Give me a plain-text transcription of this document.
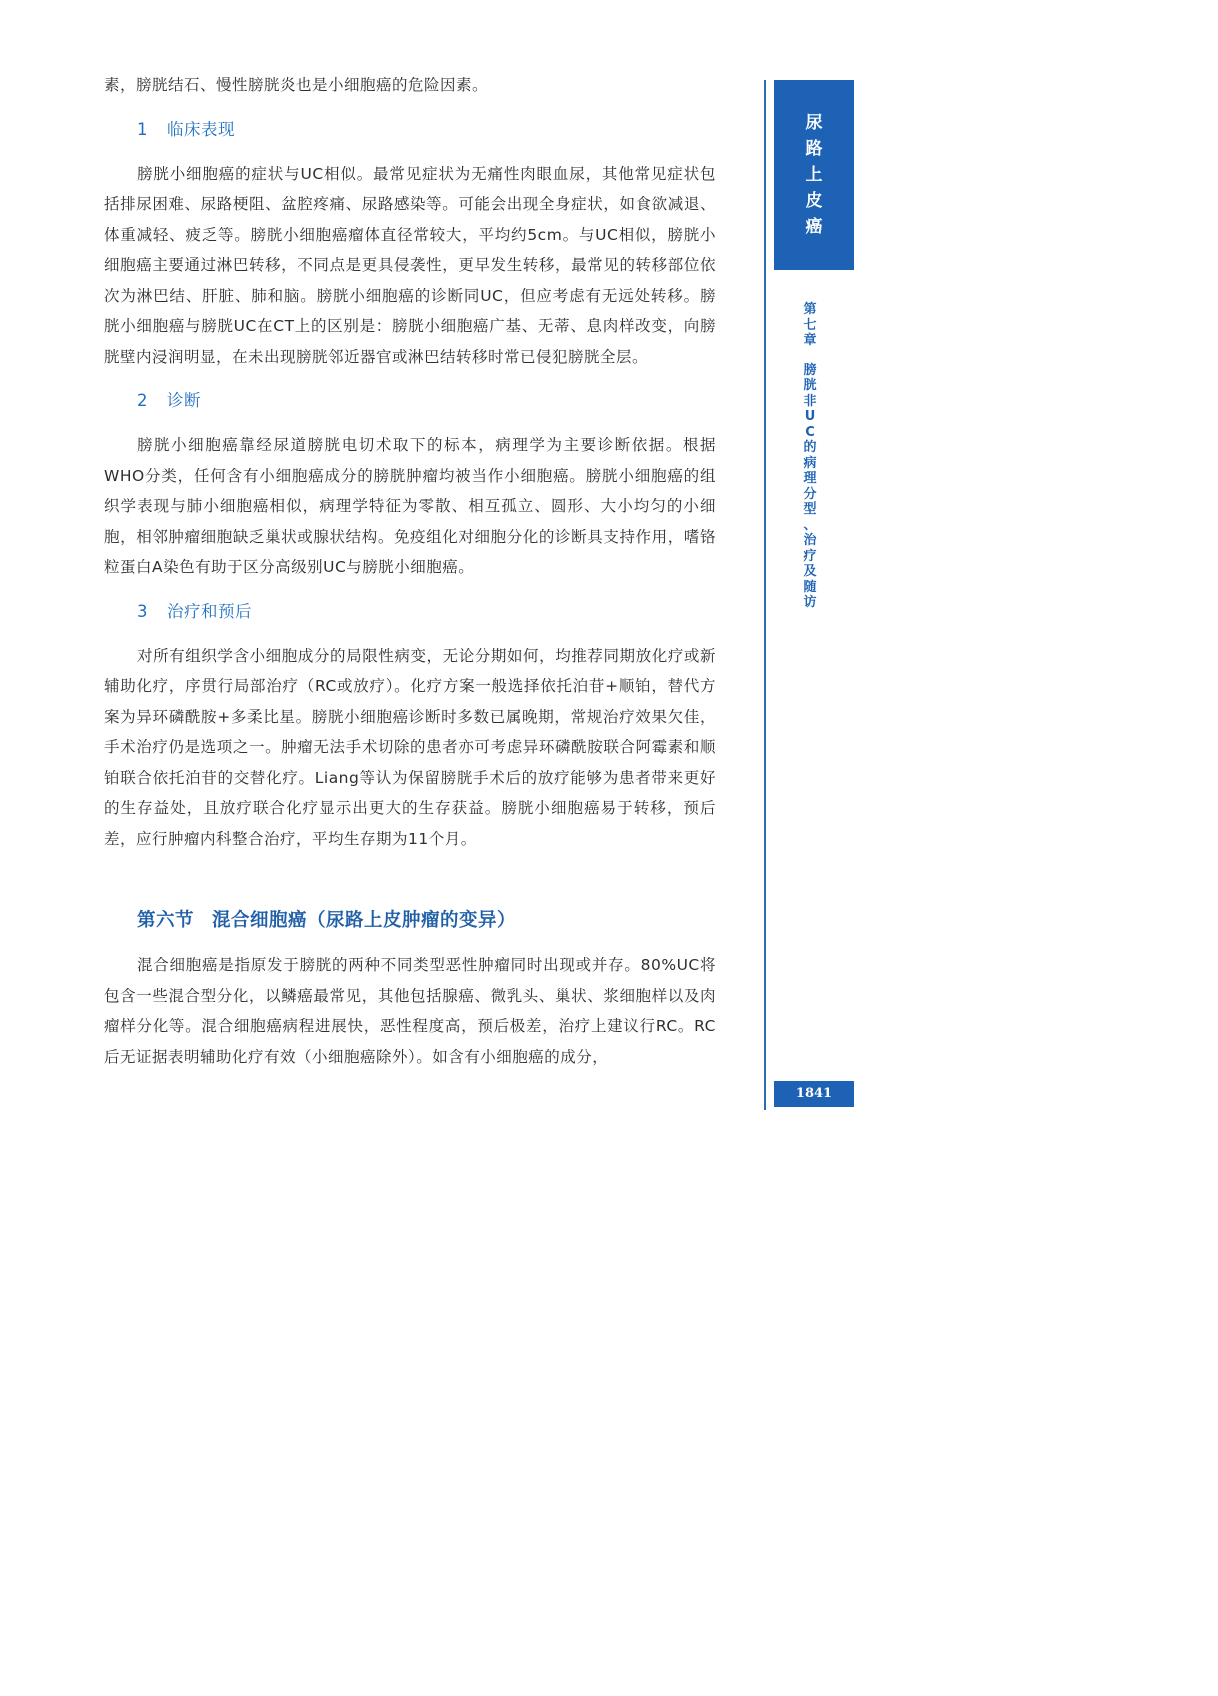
素，膀胱结石、慢性膀胱炎也是小细胞癌的危险因素。

1 临床表现

膀胱小细胞癌的症状与UC相似。最常见症状为无痛性肉眼血尿，其他常见症状包括排尿困难、尿路梗阻、盆腔疼痛、尿路感染等。可能会出现全身症状，如食欲减退、体重减轻、疲乏等。膀胱小细胞癌瘤体直径常较大，平均约5cm。与UC相似，膀胱小细胞癌主要通过淋巴转移，不同点是更具侵袭性，更早发生转移，最常见的转移部位依次为淋巴结、肝脏、肺和脑。膀胱小细胞癌的诊断同UC，但应考虑有无远处转移。膀胱小细胞癌与膀胱UC在CT上的区别是：膀胱小细胞癌广基、无蒂、息肉样改变，向膀胱壁内浸润明显，在未出现膀胱邻近器官或淋巴结转移时常已侵犯膀胱全层。

2 诊断

膀胱小细胞癌靠经尿道膀胱电切术取下的标本，病理学为主要诊断依据。根据WHO分类，任何含有小细胞癌成分的膀胱肿瘤均被当作小细胞癌。膀胱小细胞癌的组织学表现与肺小细胞癌相似，病理学特征为零散、相互孤立、圆形、大小均匀的小细胞，相邻肿瘤细胞缺乏巢状或腺状结构。免疫组化对细胞分化的诊断具支持作用，嗜铬粒蛋白A染色有助于区分高级别UC与膀胱小细胞癌。

3 治疗和预后

对所有组织学含小细胞成分的局限性病变，无论分期如何，均推荐同期放化疗或新辅助化疗，序贯行局部治疗（RC或放疗）。化疗方案一般选择依托泊苷+顺铂，替代方案为异环磷酰胺+多柔比星。膀胱小细胞癌诊断时多数已属晚期，常规治疗效果欠佳，手术治疗仍是选项之一。肿瘤无法手术切除的患者亦可考虑异环磷酰胺联合阿霉素和顺铂联合依托泊苷的交替化疗。Liang等认为保留膀胱手术后的放疗能够为患者带来更好的生存益处，且放疗联合化疗显示出更大的生存获益。膀胱小细胞癌易于转移，预后差，应行肿瘤内科整合治疗，平均生存期为11个月。

第六节 混合细胞癌（尿路上皮肿瘤的变异）

混合细胞癌是指原发于膀胱的两种不同类型恶性肿瘤同时出现或并存。80%UC将包含一些混合型分化，以鳞癌最常见，其他包括腺癌、微乳头、巢状、浆细胞样以及肉瘤样分化等。混合细胞癌病程进展快，恶性程度高，预后极差，治疗上建议行RC。RC后无证据表明辅助化疗有效（小细胞癌除外）。如含有小细胞癌的成分，

尿
路
上
皮
癌
第
七
章
膀
胱
非
U
C
的
病
理
分
型
、
治
疗
及
随
访
1841
